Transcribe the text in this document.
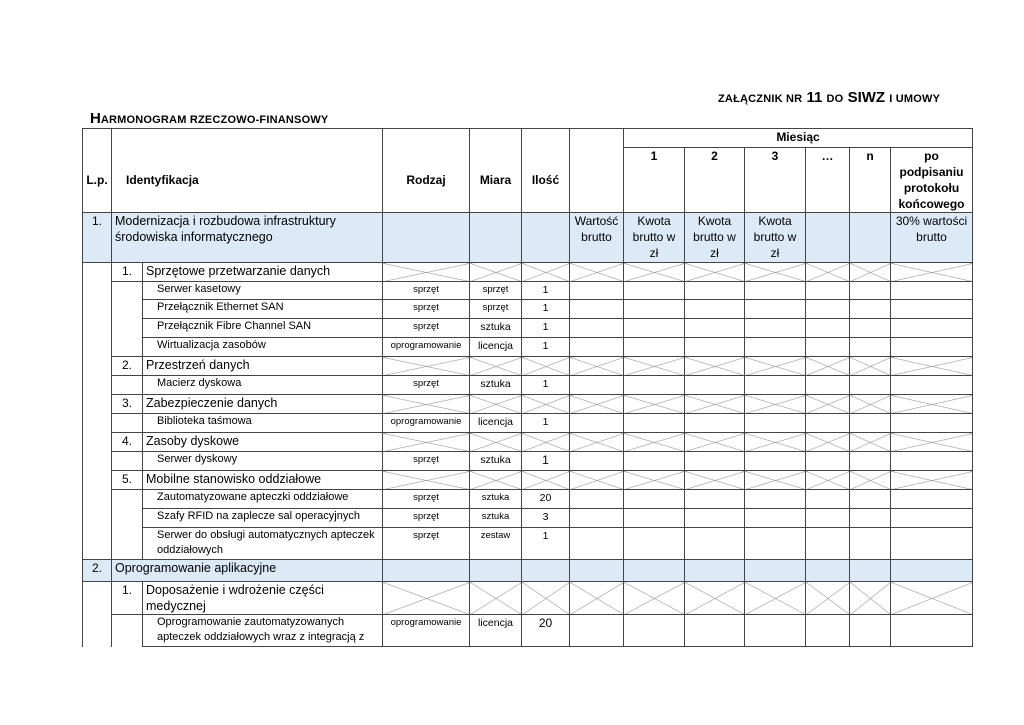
ZAŁĄCZNIK NR 11 DO SIWZ I UMOWY
HARMONOGRAM RZECZOWO-FINANSOWY
							Miesiąc					
L.p.	Identyfikacja		Rodzaj	Miara	Ilość		1	2	3	…	n	po podpisaniu protokołu końcowego
1.	Modernizacja i rozbudowa infrastruktury środowiska informatycznego					Wartość brutto	Kwota brutto w zł	Kwota brutto w zł	Kwota brutto w zł			30% wartości brutto
	1.	Sprzętowe przetwarzanie danych										
		Serwer kasetowy	sprzęt	sprzęt	1							
		Przełącznik Ethernet SAN	sprzęt	sprzęt	1							
		Przełącznik Fibre Channel SAN	sprzęt	sztuka	1							
		Wirtualizacja zasobów	oprogramowanie	licencja	1							
	2.	Przestrzeń danych										
		Macierz dyskowa	sprzęt	sztuka	1							
	3.	Zabezpieczenie danych										
		Biblioteka taśmowa	oprogramowanie	licencja	1							
	4.	Zasoby dyskowe										
		Serwer dyskowy	sprzęt	sztuka	1							
	5.	Mobilne stanowisko oddziałowe										
		Zautomatyzowane apteczki oddziałowe	sprzęt	sztuka	20							
		Szafy RFID na zaplecze sal operacyjnych	sprzęt	sztuka	3							
		Serwer do obsługi automatycznych apteczek oddziałowych	sprzęt	zestaw	1							
2.	Oprogramowanie aplikacyjne											
	1.	Doposażenie i wdrożenie części medycznej										
		Oprogramowanie zautomatyzowanych apteczek oddziałowych wraz z integracją z	oprogramowanie	licencja	20							
